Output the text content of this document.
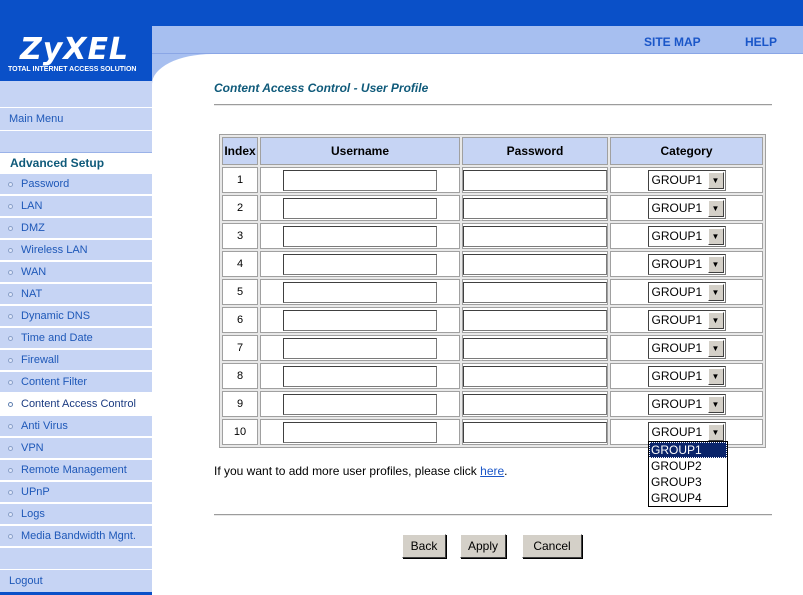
SITE MAP	HELP
ZyXEL
TOTAL INTERNET ACCESS SOLUTION
Main Menu
Advanced Setup
Password
LAN
DMZ
Wireless LAN
WAN
NAT
Dynamic DNS
Time and Date
Firewall
Content Filter
Content Access Control
Anti Virus
VPN
Remote Management
UPnP
Logs
Media Bandwidth Mgnt.
Logout
Content Access Control - User Profile
Index	Username	Password	Category
1			GROUP1 ▼

2			GROUP1 ▼

3			GROUP1 ▼

4			GROUP1 ▼

5			GROUP1 ▼

6			GROUP1 ▼

7			GROUP1 ▼

8			GROUP1 ▼

9			GROUP1 ▼

10			GROUP1 ▼
GROUP1
GROUP2
GROUP3
GROUP4
If you want to add more user profiles, please click here.
Back	Apply	Cancel
